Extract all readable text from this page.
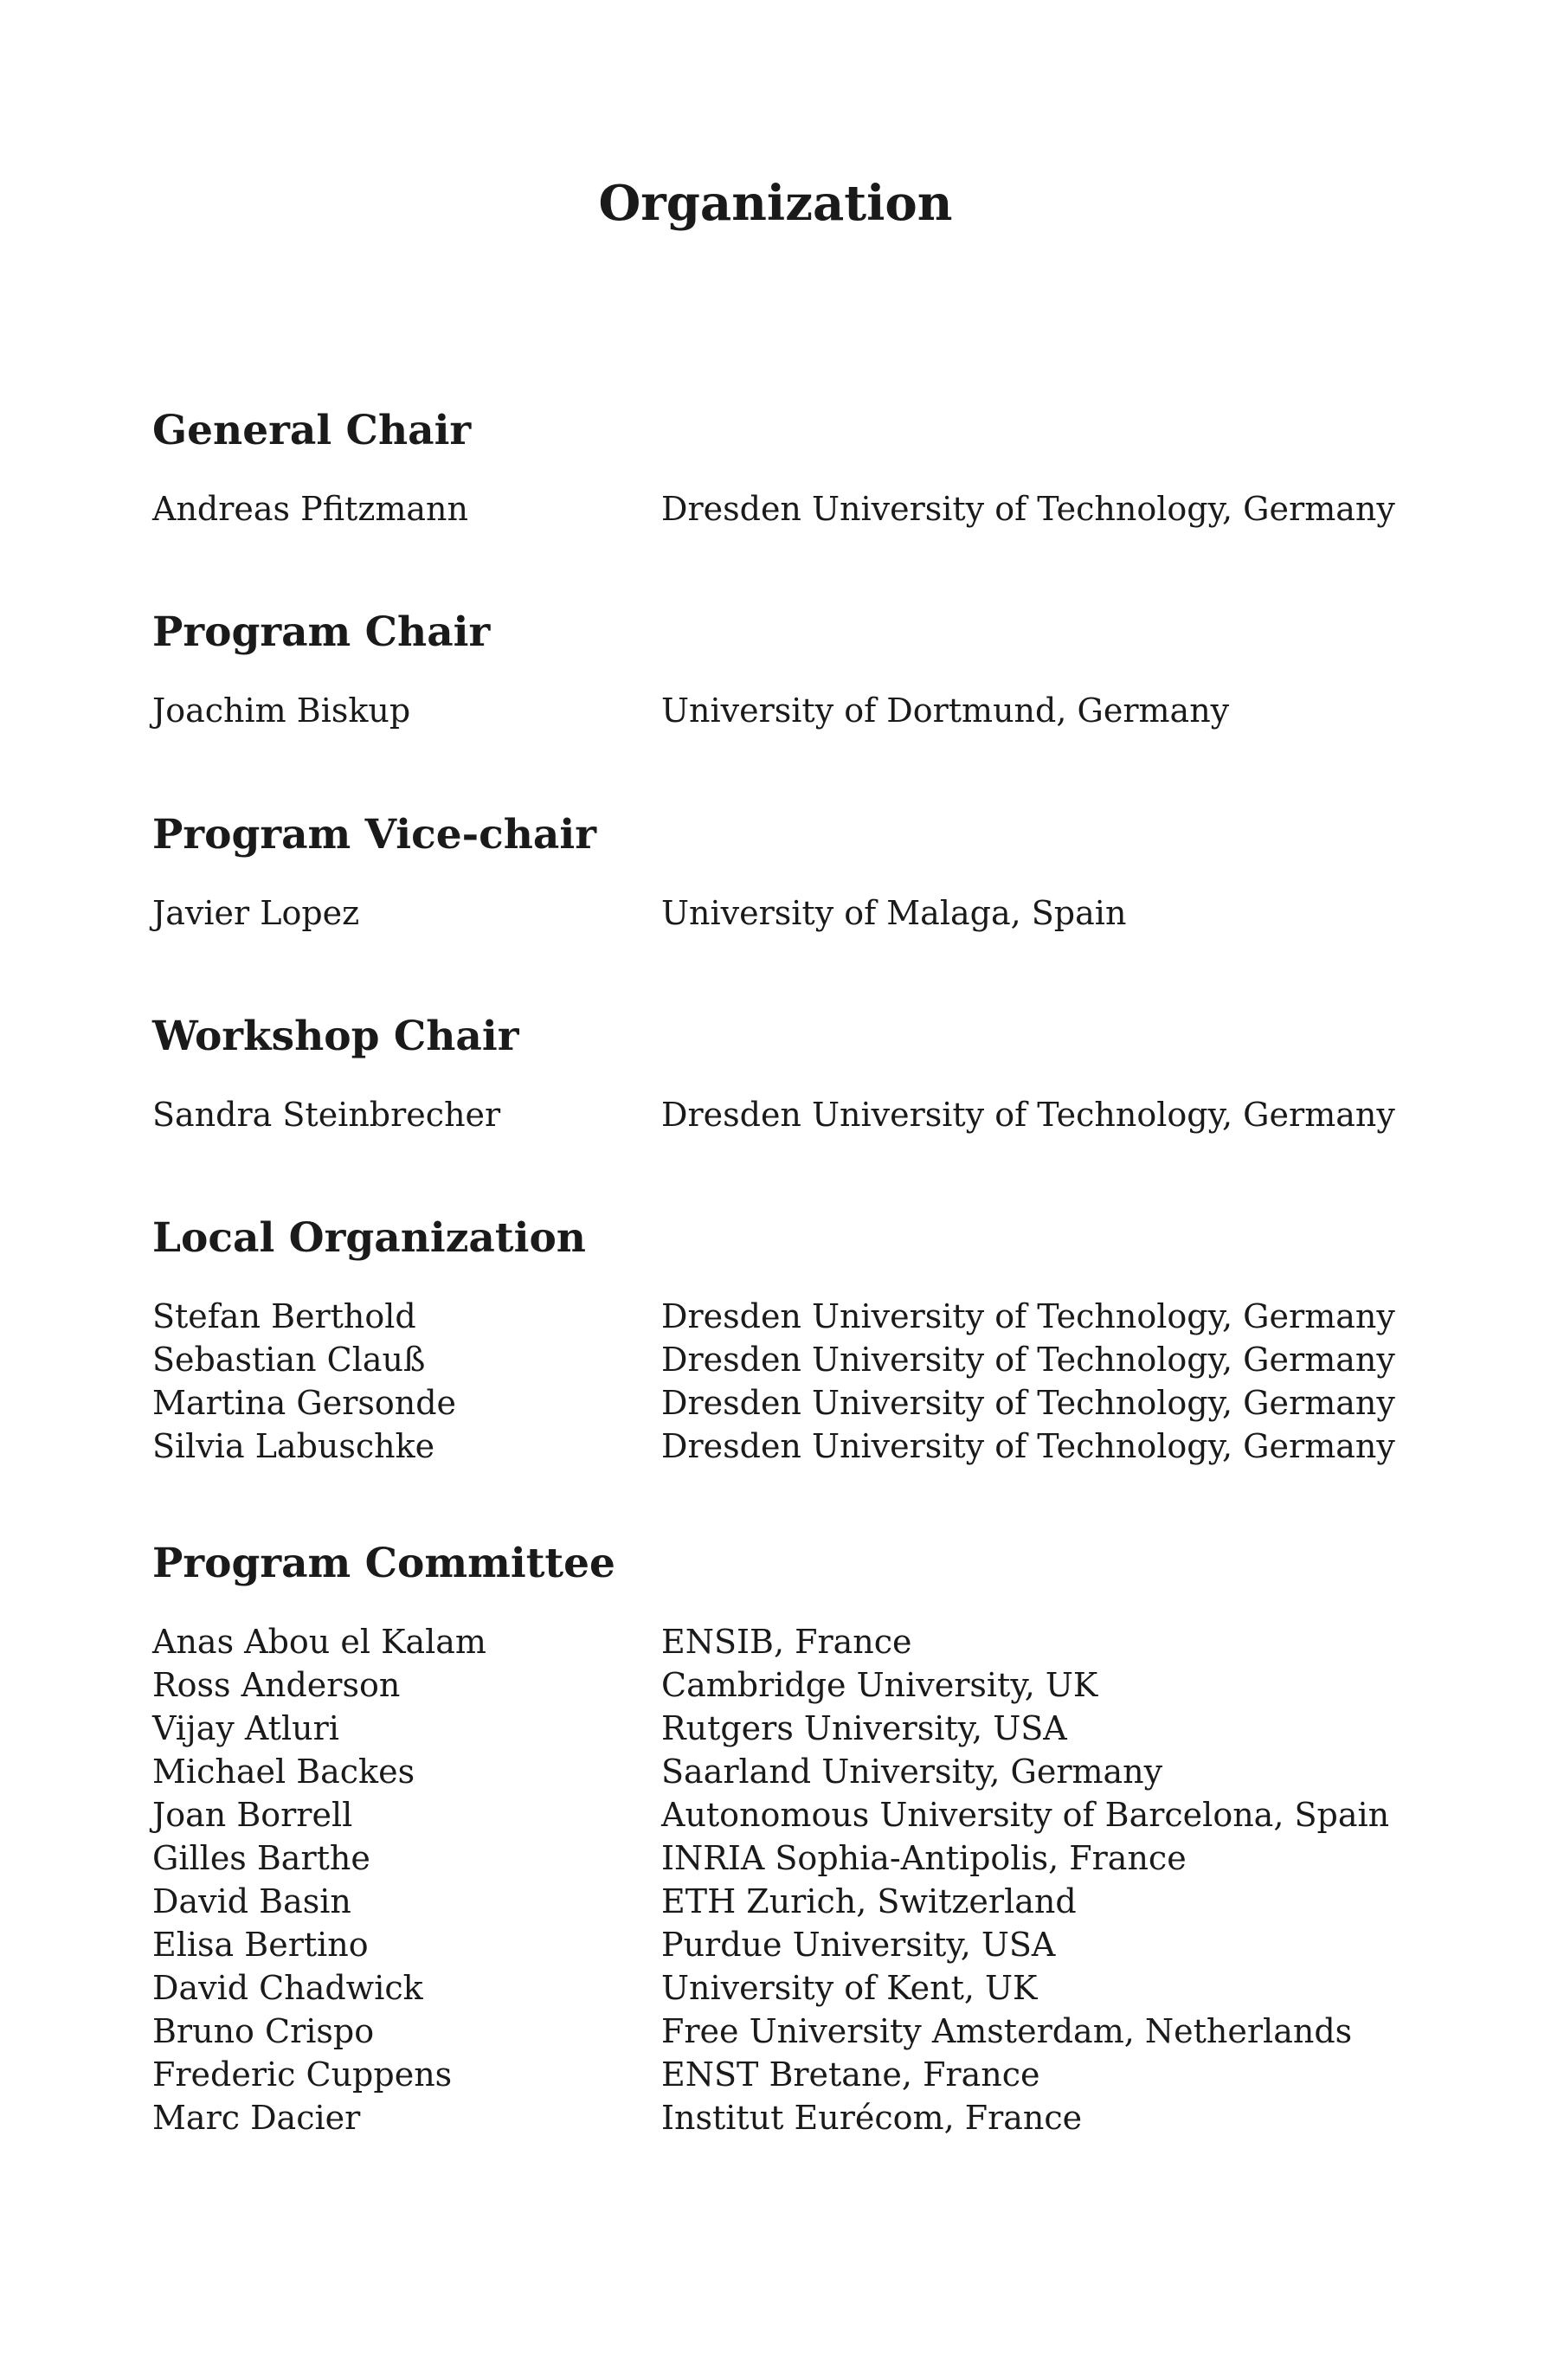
Organization
General Chair
Andreas Pfitzmann	Dresden University of Technology, Germany
Program Chair
Joachim Biskup	University of Dortmund, Germany
Program Vice-chair
Javier Lopez	University of Malaga, Spain
Workshop Chair
Sandra Steinbrecher	Dresden University of Technology, Germany
Local Organization
Stefan Berthold	Dresden University of Technology, Germany
Sebastian Clauß	Dresden University of Technology, Germany
Martina Gersonde	Dresden University of Technology, Germany
Silvia Labuschke	Dresden University of Technology, Germany
Program Committee
Anas Abou el Kalam	ENSIB, France
Ross Anderson	Cambridge University, UK
Vijay Atluri	Rutgers University, USA
Michael Backes	Saarland University, Germany
Joan Borrell	Autonomous University of Barcelona, Spain
Gilles Barthe	INRIA Sophia-Antipolis, France
David Basin	ETH Zurich, Switzerland
Elisa Bertino	Purdue University, USA
David Chadwick	University of Kent, UK
Bruno Crispo	Free University Amsterdam, Netherlands
Frederic Cuppens	ENST Bretane, France
Marc Dacier	Institut Eurécom, France
